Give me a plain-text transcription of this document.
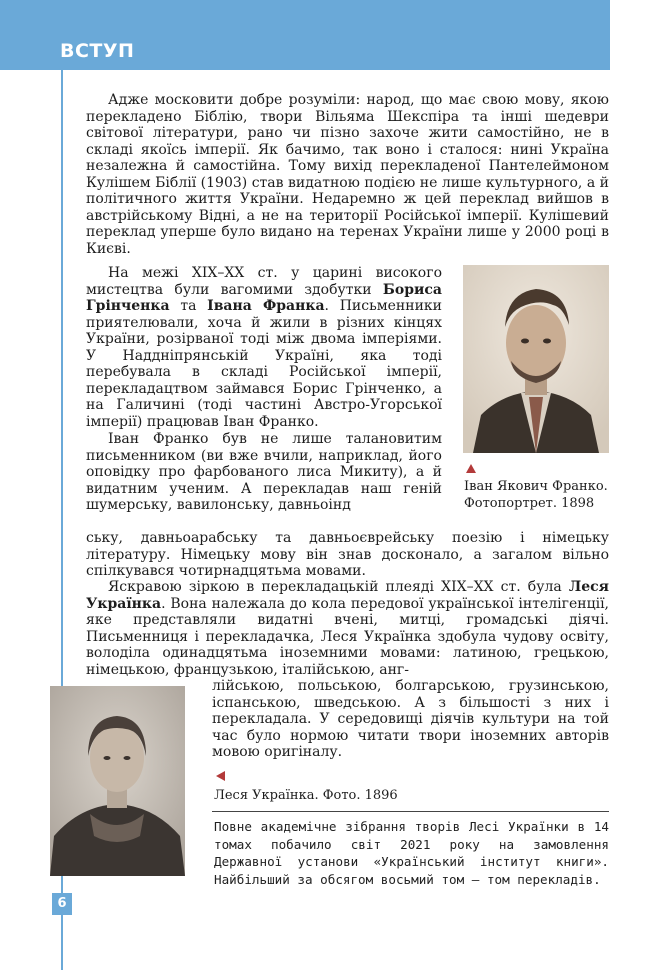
ВСТУП
6

Адже московити добре розуміли: народ, що має свою мову, якою перекладено Біблію, твори Вільяма Шекспіра та інші шедеври світової літератури, рано чи пізно захоче жити самостійно, не в складі якоїсь імперії. Як бачимо, так воно і сталося: нині Україна незалежна й самостійна. Тому вихід перекладеної Пантелеймоном Кулішем Біблії (1903) став видатною подією не лише культурного, а й політичного життя України. Недаремно ж цей переклад вийшов в австрійському Відні, а не на території Російської імперії. Кулішевий переклад уперше було видано на теренах України лише у 2000 році в Києві.

На межі XIX–XX ст. у царині високого мистецтва були вагомими здобутки Бориса Грінченка та Івана Франка. Письменники приятелювали, хоча й жили в різних кінцях України, розірваної тоді між двома імперіями. У Наддніпрянській Україні, яка тоді перебувала в складі Російської імперії, перекладацтвом займався Борис Грінченко, а на Галичині (тоді частині Австро-Угорської імперії) працював Іван Франко.

Іван Франко був не лише талановитим письменником (ви вже вчили, наприклад, його оповідку про фарбованого лиса Микиту), а й видатним ученим. А перекладав наш геній шумерську, вавилонську, давньоінд

ську, давньоарабську та давньоєврейську поезію і німецьку літературу. Німецьку мову він знав досконало, а загалом вільно спілкувався чотирнадцятьма мовами.

Яскравою зіркою в перекладацькій плеяді XIX–XX ст. була Леся Українка. Вона належала до кола передової української інтелігенції, яке представляли видатні вчені, митці, громадські діячі. Письменниця і перекладачка, Леся Українка здобула чудову освіту, володіла одинадцятьма іноземними мовами: латиною, грецькою, німецькою, французькою, італійською, анг-

лійською, польською, болгарською, грузинською, іспанською, шведською. А з більшості з них і перекладала. У середовищі діячів культури на той час було нормою читати твори іноземних авторів мовою оригіналу.

Іван Якович Франко.
Фотопортрет. 1898
Леся Українка. Фото. 1896

Повне академічне зібрання творів Лесі Українки в 14 томах побачило світ 2021 року на замовлення Державної установи «Український інститут книги». Найбільший за обсягом восьмий том – том перекладів.
